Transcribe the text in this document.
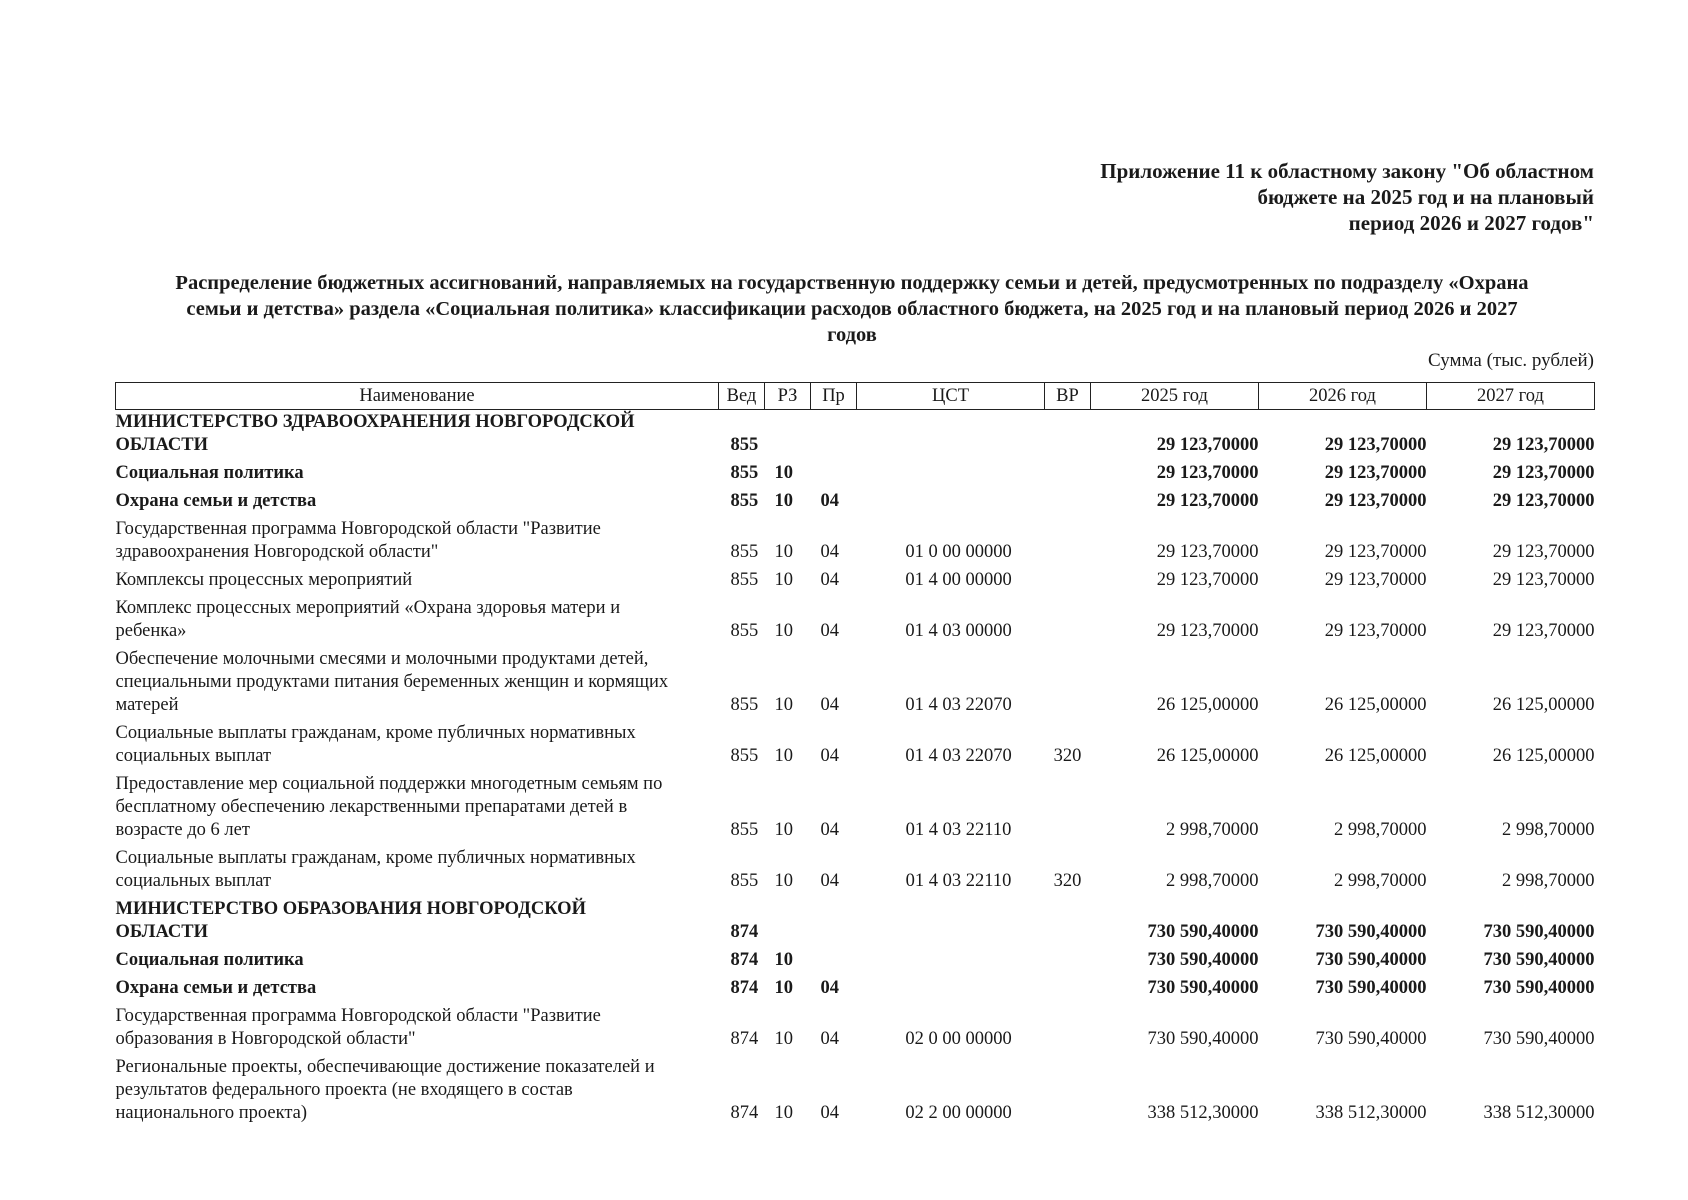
Приложение 11 к областному закону "Об областном
бюджете на 2025 год и на плановый
период 2026 и 2027 годов"
Распределение бюджетных ассигнований, направляемых на государственную поддержку семьи и детей, предусмотренных по подразделу «Охрана
семьи и детства» раздела «Социальная политика» классификации расходов областного бюджета, на 2025 год и на плановый период 2026 и 2027
годов
Сумма (тыс. рублей)
Наименование	Вед	РЗ	Пр	ЦСТ	ВР	2025 год	2026 год	2027 год

МИНИСТЕРСТВО ЗДРАВООХРАНЕНИЯ НОВГОРОДСКОЙ
ОБЛАСТИ	855					29 123,70000	29 123,70000	29 123,70000

Социальная политика	855	10				29 123,70000	29 123,70000	29 123,70000

Охрана семьи и детства	855	10	04			29 123,70000	29 123,70000	29 123,70000

Государственная программа Новгородской области "Развитие
здравоохранения Новгородской области"	855	10	04	01 0 00 00000		29 123,70000	29 123,70000	29 123,70000

Комплексы процессных мероприятий	855	10	04	01 4 00 00000		29 123,70000	29 123,70000	29 123,70000

Комплекс процессных мероприятий «Охрана здоровья матери и
ребенка»	855	10	04	01 4 03 00000		29 123,70000	29 123,70000	29 123,70000

Обеспечение молочными смесями и молочными продуктами детей,
специальными продуктами питания беременных женщин и кормящих
матерей	855	10	04	01 4 03 22070		26 125,00000	26 125,00000	26 125,00000

Социальные выплаты гражданам, кроме публичных нормативных
социальных выплат	855	10	04	01 4 03 22070	320	26 125,00000	26 125,00000	26 125,00000

Предоставление мер социальной поддержки многодетным семьям по
бесплатному обеспечению лекарственными препаратами детей в
возрасте до 6 лет	855	10	04	01 4 03 22110		2 998,70000	2 998,70000	2 998,70000

Социальные выплаты гражданам, кроме публичных нормативных
социальных выплат	855	10	04	01 4 03 22110	320	2 998,70000	2 998,70000	2 998,70000

МИНИСТЕРСТВО ОБРАЗОВАНИЯ НОВГОРОДСКОЙ
ОБЛАСТИ	874					730 590,40000	730 590,40000	730 590,40000

Социальная политика	874	10				730 590,40000	730 590,40000	730 590,40000

Охрана семьи и детства	874	10	04			730 590,40000	730 590,40000	730 590,40000

Государственная программа Новгородской области "Развитие
образования в Новгородской области"	874	10	04	02 0 00 00000		730 590,40000	730 590,40000	730 590,40000

Региональные проекты, обеспечивающие достижение показателей и
результатов федерального проекта (не входящего в состав
национального проекта)	874	10	04	02 2 00 00000		338 512,30000	338 512,30000	338 512,30000
